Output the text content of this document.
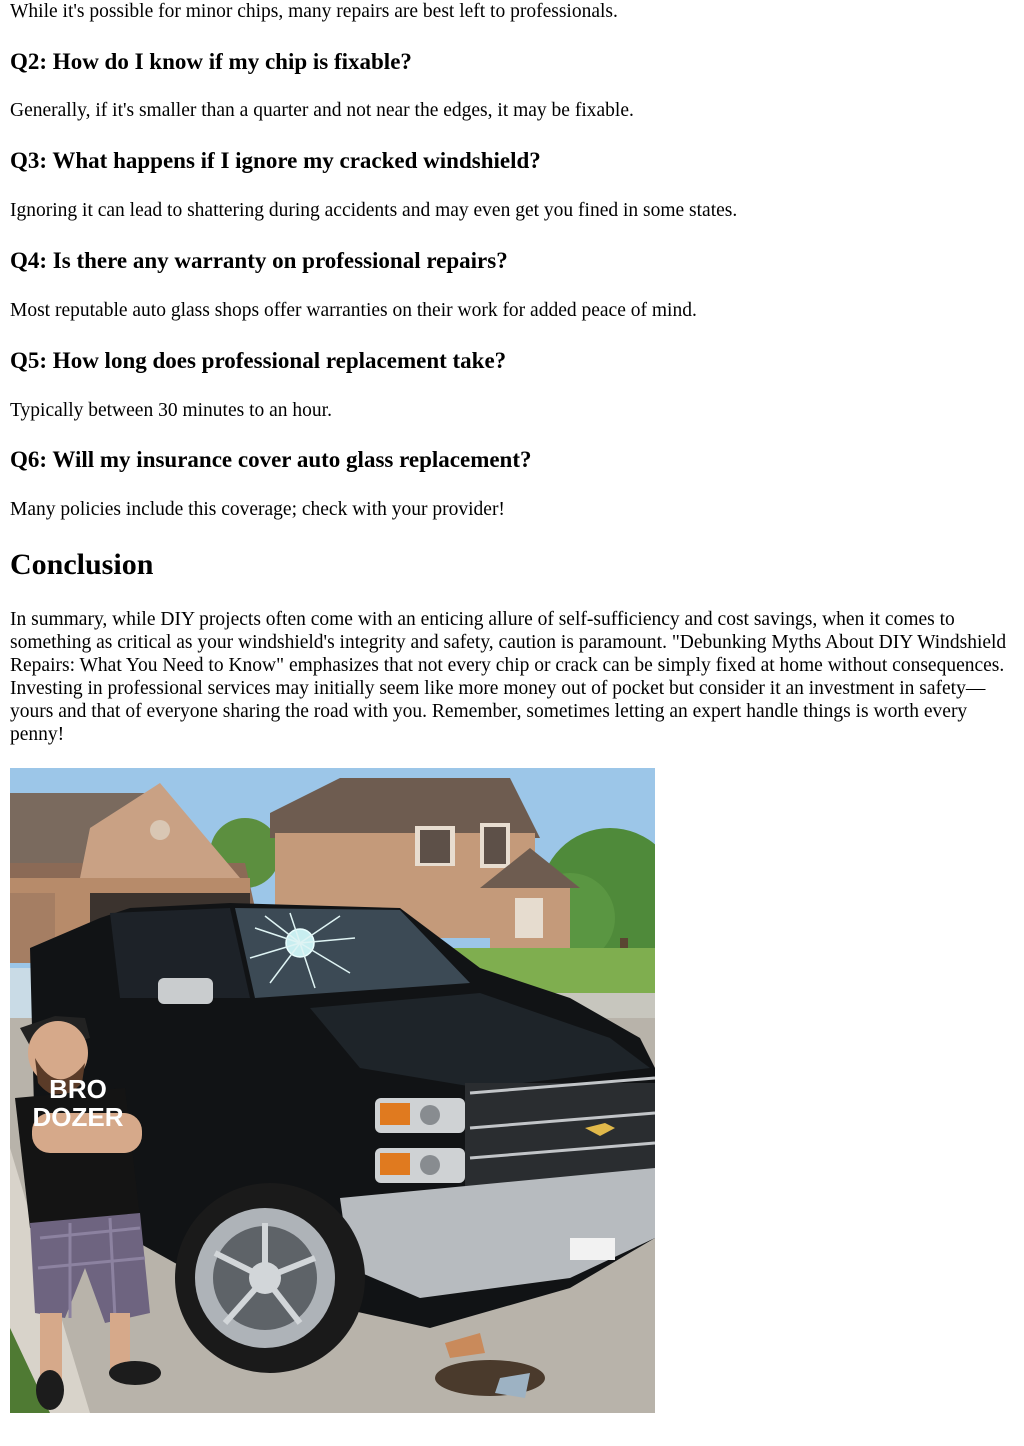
While it's possible for minor chips, many repairs are best left to professionals.

Q2: How do I know if my chip is fixable?

Generally, if it's smaller than a quarter and not near the edges, it may be fixable.

Q3: What happens if I ignore my cracked windshield?

Ignoring it can lead to shattering during accidents and may even get you fined in some states.

Q4: Is there any warranty on professional repairs?

Most reputable auto glass shops offer warranties on their work for added peace of mind.

Q5: How long does professional replacement take?

Typically between 30 minutes to an hour.

Q6: Will my insurance cover auto glass replacement?

Many policies include this coverage; check with your provider!

Conclusion

In summary, while DIY projects often come with an enticing allure of self-sufficiency and cost savings, when it comes to something as critical as your windshield's integrity and safety, caution is paramount. "Debunking Myths About DIY Windshield Repairs: What You Need to Know" emphasizes that not every chip or crack can be simply fixed at home without consequences. Investing in professional services may initially seem like more money out of pocket but consider it an investment in safety—yours and that of everyone sharing the road with you. Remember, sometimes letting an expert handle things is worth every penny!

BRO
DOZER
